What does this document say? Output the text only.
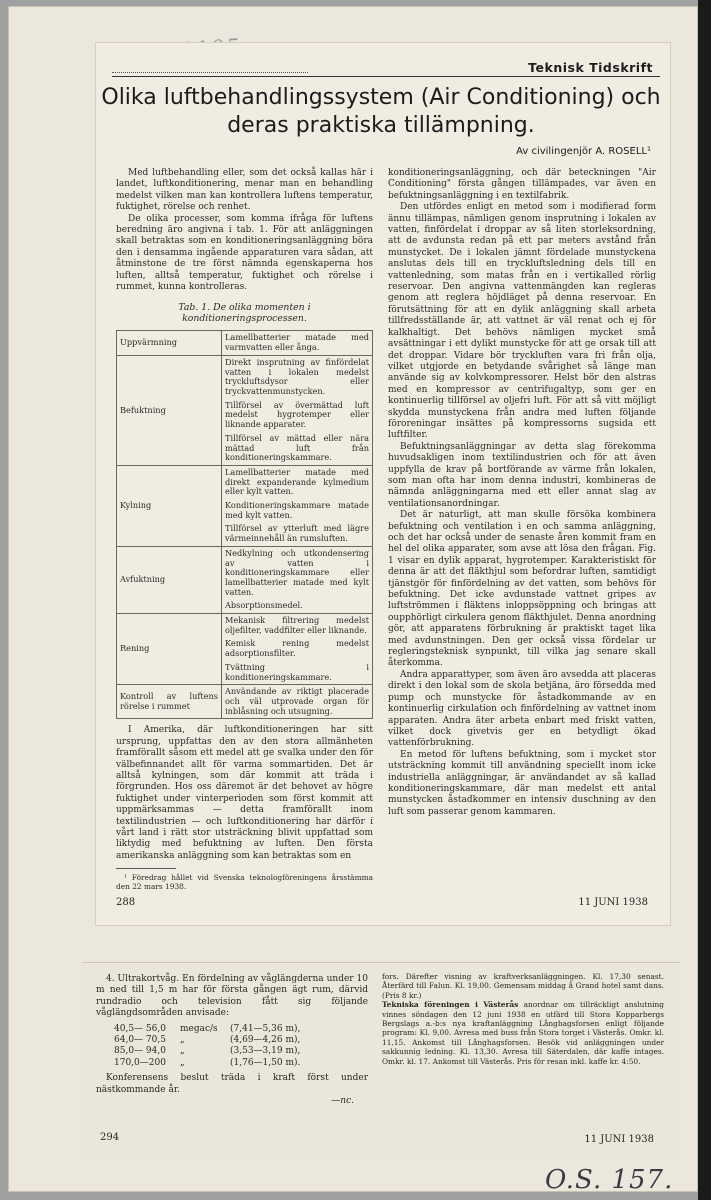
Teknisk Tidskrift
Olika luftbehandlingssystem (Air Conditioning) och
deras praktiska tillämpning.
Av civilingenjör A. ROSELL¹

Med luftbehandling eller, som det också kallas här i landet, luftkonditionering, menar man en behandling medelst vilken man kan kontrollera luftens temperatur, fuktighet, rörelse och renhet.

De olika processer, som komma ifråga för luftens beredning äro angivna i tab. 1. För att anläggningen skall betraktas som en konditioneringsanläggning böra den i densamma ingående apparaturen vara sådan, att åtminstone de tre först nämnda egenskaperna hos luften, alltså temperatur, fuktighet och rörelse i rummet, kunna kontrolleras.

Tab. 1. De olika momenten i konditioneringsprocessen.
Uppvärmning	Lamellbatterier matade med varmvatten eller ånga.

Befuktning	Direkt insprutning av finfördelat vatten i lokalen medelst tryckluftsdysor eller tryckvattenmunstycken.
Tillförsel av övermättad luft medelst hygrotemper eller liknande apparater.
Tillförsel av mättad eller nära mättad luft från konditioneringskammare.

Kylning	Lamellbatterier matade med direkt expanderande kylmedium eller kylt vatten.
Konditioneringskammare matade med kylt vatten.
Tillförsel av ytterluft med lägre värmeinnehåll än rumsluften.

Avfuktning	Nedkylning och utkondensering av vatten i konditioneringskammare eller lamellbatterier matade med kylt vatten.
Absorptionsmedel.

Rening	Mekanisk filtrering medelst oljefilter, vaddfilter eller liknande.
Kemisk rening medelst adsorptionsfilter.
Tvättning i konditioneringskammare.

Kontroll av luftens rörelse i rummet	Användande av riktigt placerade och väl utprovade organ för inblåsning och utsugning.

I Amerika, där luftkonditioneringen har sitt ursprung, uppfattas den av den stora allmänheten framförallt såsom ett medel att ge svalka under den för välbefinnandet allt för varma sommartiden. Det är alltså kylningen, som där kommit att träda i förgrunden. Hos oss däremot är det behovet av högre fuktighet under vinterperioden som först kommit att uppmärksammas — detta framförallt inom textilindustrien — och luftkonditionering har därför i vårt land i rätt stor utsträckning blivit uppfattad som liktydig med befuktning av luften. Den första amerikanska anläggning som kan betraktas som en

¹ Föredrag hållet vid Svenska teknologföreningens årsstämma den 22 mars 1938.

konditioneringsanläggning, och där beteckningen "Air Conditioning" första gången tillämpades, var även en befuktningsanläggning i en textilfabrik.

Den utfördes enligt en metod som i modifierad form ännu tillämpas, nämligen genom insprutning i lokalen av vatten, finfördelat i droppar av så liten storleksordning, att de avdunsta redan på ett par meters avstånd från munstycket. De i lokalen jämnt fördelade munstyckena anslutas dels till en tryckluftsledning dels till en vattenledning, som matas från en i vertikalled rörlig reservoar. Den angivna vattenmängden kan regleras genom att reglera höjdläget på denna reservoar. En förutsättning för att en dylik anläggning skall arbeta tillfredsställande är, att vattnet är väl renat och ej för kalkhaltigt. Det behövs nämligen mycket små avsättningar i ett dylikt munstycke för att ge orsak till att det droppar. Vidare bör tryckluften vara fri från olja, vilket utgjorde en betydande svårighet så länge man använde sig av kolvkompressorer. Helst bör den alstras med en kompressor av centrifugaltyp, som ger en kontinuerlig tillförsel av oljefri luft. För att så vitt möjligt skydda munstyckena från andra med luften följande föroreningar insättes på kompressorns sugsida ett luftfilter.

Befuktningsanläggningar av detta slag förekomma huvudsakligen inom textilindustrien och för att även uppfylla de krav på bortförande av värme från lokalen, som man ofta har inom denna industri, kombineras de nämnda anläggningarna med ett eller annat slag av ventilationsanordningar.

Det är naturligt, att man skulle försöka kombinera befuktning och ventilation i en och samma anläggning, och det har också under de senaste åren kommit fram en hel del olika apparater, som avse att lösa den frågan. Fig. 1 visar en dylik apparat, hygrotemper. Karakteristiskt för denna är att det fläkthjul som befordrar luften, samtidigt tjänstgör för finfördelning av det vatten, som behövs för befuktning. Det icke avdunstade vattnet gripes av luftströmmen i fläktens inloppsöppning och bringas att oupphörligt cirkulera genom fläkthjulet. Denna anordning gör, att apparatens förbrukning är praktiskt taget lika med avdunstningen. Den ger också vissa fördelar ur regleringsteknisk synpunkt, till vilka jag senare skall återkomma.

Andra apparattyper, som även äro avsedda att placeras direkt i den lokal som de skola betjäna, äro försedda med pump och munstycke för åstadkommande av en kontinuerlig cirkulation och finfördelning av vattnet inom apparaten. Andra äter arbeta enbart med friskt vatten, vilket dock givetvis ger en betydligt ökad vattenförbrukning.

En metod för luftens befuktning, som i mycket stor utsträckning kommit till användning speciellt inom icke industriella anläggningar, är användandet av så kallad konditioneringskammare, där man medelst ett antal munstycken åstadkommer en intensiv duschning av den luft som passerar genom kammaren.

288	11 JUNI 1938

4. Ultrakortvåg. En fördelning av våglängderna under 10 m ned till 1,5 m har för första gången ägt rum, därvid rundradio och television fått sig följande våglängdsområden anvisade:

40,5— 56,0 megac/s (7,41—5,36 m),
64,0— 70,5 „	(4,69—4,26 m),
85,0— 94,0 „	(3,53—3,19 m),
170,0—200 „	(1,76—1,50 m).

Konferensens beslut träda i kraft först under nästkommande år.

—nc.

fors. Därefter visning av kraftverksanläggningen. Kl. 17,30 senast. Återfärd till Falun. Kl. 19,00. Gemensam middag å Grand hotel samt dans. (Pris 8 kr.)

Tekniska föreningen i Västerås anordnar om tillräckligt anslutning vinnes söndagen den 12 juni 1938 en utfärd till Stora Kopparbergs Bergslags a.-b:s nya kraftanläggning Långhagsforsen enligt följande program: Kl. 9,00. Avresa med buss från Stora torget i Västerås. Omkr. kl. 11,15. Ankomst till Långhagsforsen. Besök vid anläggningen under sakkunnig ledning. Kl. 13,30. Avresa till Säterdalen, där kaffe intages. Omkr. kl. 17. Ankomst till Västerås. Pris för resan inkl. kaffe kr. 4:50.

294	11 JUNI 1938
O.S. 157.
